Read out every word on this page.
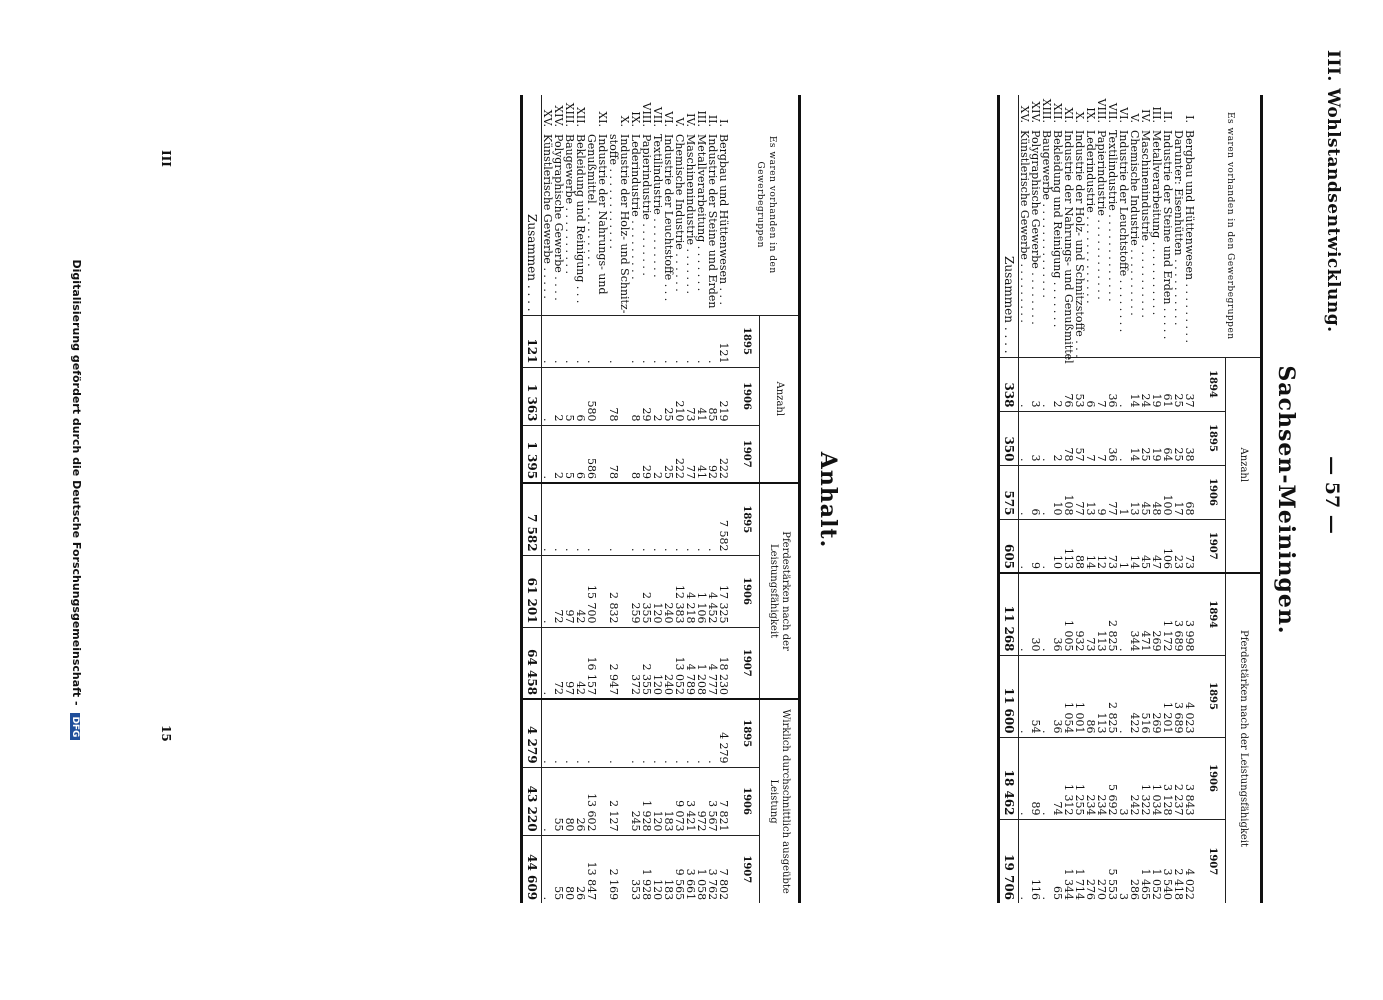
III. Wohlstandsentwicklung.
— 57 —
Sachsen-Meiningen.
Es waren vorhanden in den Gewerbegruppen		Anzahl				Pferdestärken nach der Leistungsfähigkeit			
		1894	1895	1906	1907	1894	1895	1906	1907
I.	Bergbau und Hüttenwesen . . . . . . . . .	37	38	68	73	3 998	4 023	3 843	4 022
	Darunter: Eisenhütten . . . . . . . . . .	25	25	17	23	3 689	3 689	2 237	2 418
II.	Industrie der Steine und Erden . . . . .	61	64	100	106	1 172	1 201	3 128	3 540
III.	Metallverarbeitung . . . . . . . . . . .	19	19	48	47	269	269	1 034	1 052
IV.	Maschinenindustrie . . . . . . . . . . .	24	25	45	45	471	516	1 322	1 465
V.	Chemische Industrie . . . . . . . . . .	14	14	13	14	344	422	242	286
VI.	Industrie der Leuchtstoffe . . . . . . . .	.	.	1	1	.	.	3	3
VII.	Textilindustrie . . . . . . . . . . . . .	36	36	77	73	2 825	2 825	5 692	5 553
VIII.	Papierindustrie . . . . . . . . . . . .	7	7	9	12	113	113	234	270
IX.	Lederindustrie . . . . . . . . . . . . .	6	7	13	14	73	86	234	276
X.	Industrie der Holz- und Schnitzstoffe . . .	53	57	77	88	932	1 001	1 255	1 714
XI.	Industrie der Nahrungs- und Genußmittel	76	78	108	113	1 005	1 054	1 312	1 344
XII.	Bekleidung und Reinigung . . . . . . .	2	2	10	10	36	36	74	65
XIII.	Baugewerbe . . . . . . . . . . . . . .	.	.	.	.	.	.	.	.
XIV.	Polygraphische Gewerbe . . . . . . . .	3	3	6	9	30	54	89	116
XV.	Künstlerische Gewerbe . . . . . . . . .	.	.	.	.	.	.	.	.
	Zusammen . . . .	338	350	575	605	11 268	11 600	18 462	19 706
Anhalt.
Es waren vorhanden in den Gewerbegruppen		Anzahl			Pferdestärken nach der Leistungsfähigkeit			Wirklich durchschnittlich ausgeübte Leistung		
		1895	1906	1907	1895	1906	1907	1895	1906	1907
I.	Bergbau und Hüttenwesen . . .	121	219	222	7 582	17 325	18 230	4 279	7 821	7 802
II.	Industrie der Steine und Erden	.	85	92	.	4 452	4 777	.	3 567	3 762
III.	Metallverarbeitung . . . . . . .	.	41	41	.	1 106	1 208	.	972	1 058
IV.	Maschinenindustrie . . . . . . .	.	73	77	.	4 218	4 789	.	3 421	3 661
V.	Chemische Industrie . . . . . .	.	210	222	.	12 383	13 052	.	9 073	9 565
VI.	Industrie der Leuchtstoffe . . .	.	25	25	.	240	240	.	183	183
VII.	Textilindustrie . . . . . . . . .	.	2	2	.	120	120	.	120	120
VIII.	Papierindustrie . . . . . . . .	.	29	29	.	2 355	2 355	.	1 928	1 928
IX.	Lederindustrie . . . . . . . . .	.	8	8	.	259	372	.	245	353
X.	Industrie der Holz- und Schnitz-									
	stoffe . . . . . . . . . . . .	.	78	78	.	2 832	2 947	.	2 127	2 169
XI.	Industrie der Nahrungs- und									
	Genußmittel . . . . . . . . .	.	580	586	.	15 700	16 157	.	13 602	13 847
XII.	Bekleidung und Reinigung . . .	.	6	6	.	42	42	.	26	26
XIII.	Baugewerbe . . . . . . . . . .	.	5	5	.	97	97	.	80	80
XIV.	Polygraphische Gewerbe . . . .	.	2	2	.	72	72	.	55	55
XV.	Künstlerische Gewerbe . . . . .	.	.	.	.	.	.	.	.	.
	Zusammen . . . .	121	1 363	1 395	7 582	61 201	64 458	4 279	43 220	44 609
III
15
Digitalisierung gefördert durch die Deutsche Forschungsgemeinschaft - DFG
